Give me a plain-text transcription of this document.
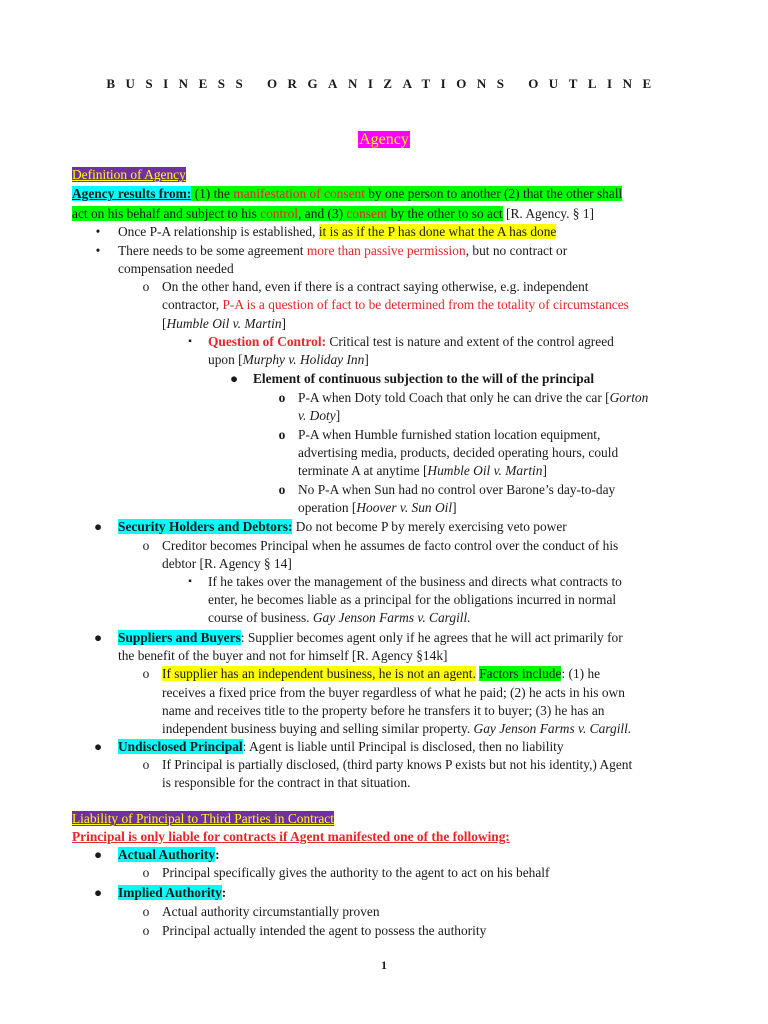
BUSINESS ORGANIZATIONS OUTLINE
Agency
Definition of Agency
Agency results from: (1) the manifestation of consent by one person to another (2) that the other shall
act on his behalf and subject to his control, and (3) consent by the other to so act [R. Agency. § 1]
• Once P-A relationship is established, it is as if the P has done what the A has done
• There needs to be some agreement more than passive permission, but no contract or
compensation needed
o On the other hand, even if there is a contract saying otherwise, e.g. independent
contractor, P-A is a question of fact to be determined from the totality of circumstances
[Humble Oil v. Martin]
▪	Question of Control: Critical test is nature and extent of the control agreed
upon [Murphy v. Holiday Inn]
● Element of continuous subjection to the will of the principal
o P-A when Doty told Coach that only he can drive the car [Gorton
v. Doty]
o P-A when Humble furnished station location equipment,
advertising media, products, decided operating hours, could
terminate A at anytime [Humble Oil v. Martin]
o No P-A when Sun had no control over Barone’s day-to-day
operation [Hoover v. Sun Oil]
● Security Holders and Debtors: Do not become P by merely exercising veto power
o Creditor becomes Principal when he assumes de facto control over the conduct of his
debtor [R. Agency § 14]
▪	If he takes over the management of the business and directs what contracts to
enter, he becomes liable as a principal for the obligations incurred in normal
course of business. Gay Jenson Farms v. Cargill.
● Suppliers and Buyers: Supplier becomes agent only if he agrees that he will act primarily for
the benefit of the buyer and not for himself [R. Agency §14k]
o If supplier has an independent business, he is not an agent. Factors include: (1) he
receives a fixed price from the buyer regardless of what he paid; (2) he acts in his own
name and receives title to the property before he transfers it to buyer; (3) he has an
independent business buying and selling similar property. Gay Jenson Farms v. Cargill.
● Undisclosed Principal: Agent is liable until Principal is disclosed, then no liability
o If Principal is partially disclosed, (third party knows P exists but not his identity,) Agent
is responsible for the contract in that situation.
Liability of Principal to Third Parties in Contract
Principal is only liable for contracts if Agent manifested one of the following:
● Actual Authority:
o Principal specifically gives the authority to the agent to act on his behalf
● Implied Authority:
o Actual authority circumstantially proven
o Principal actually intended the agent to possess the authority
1
